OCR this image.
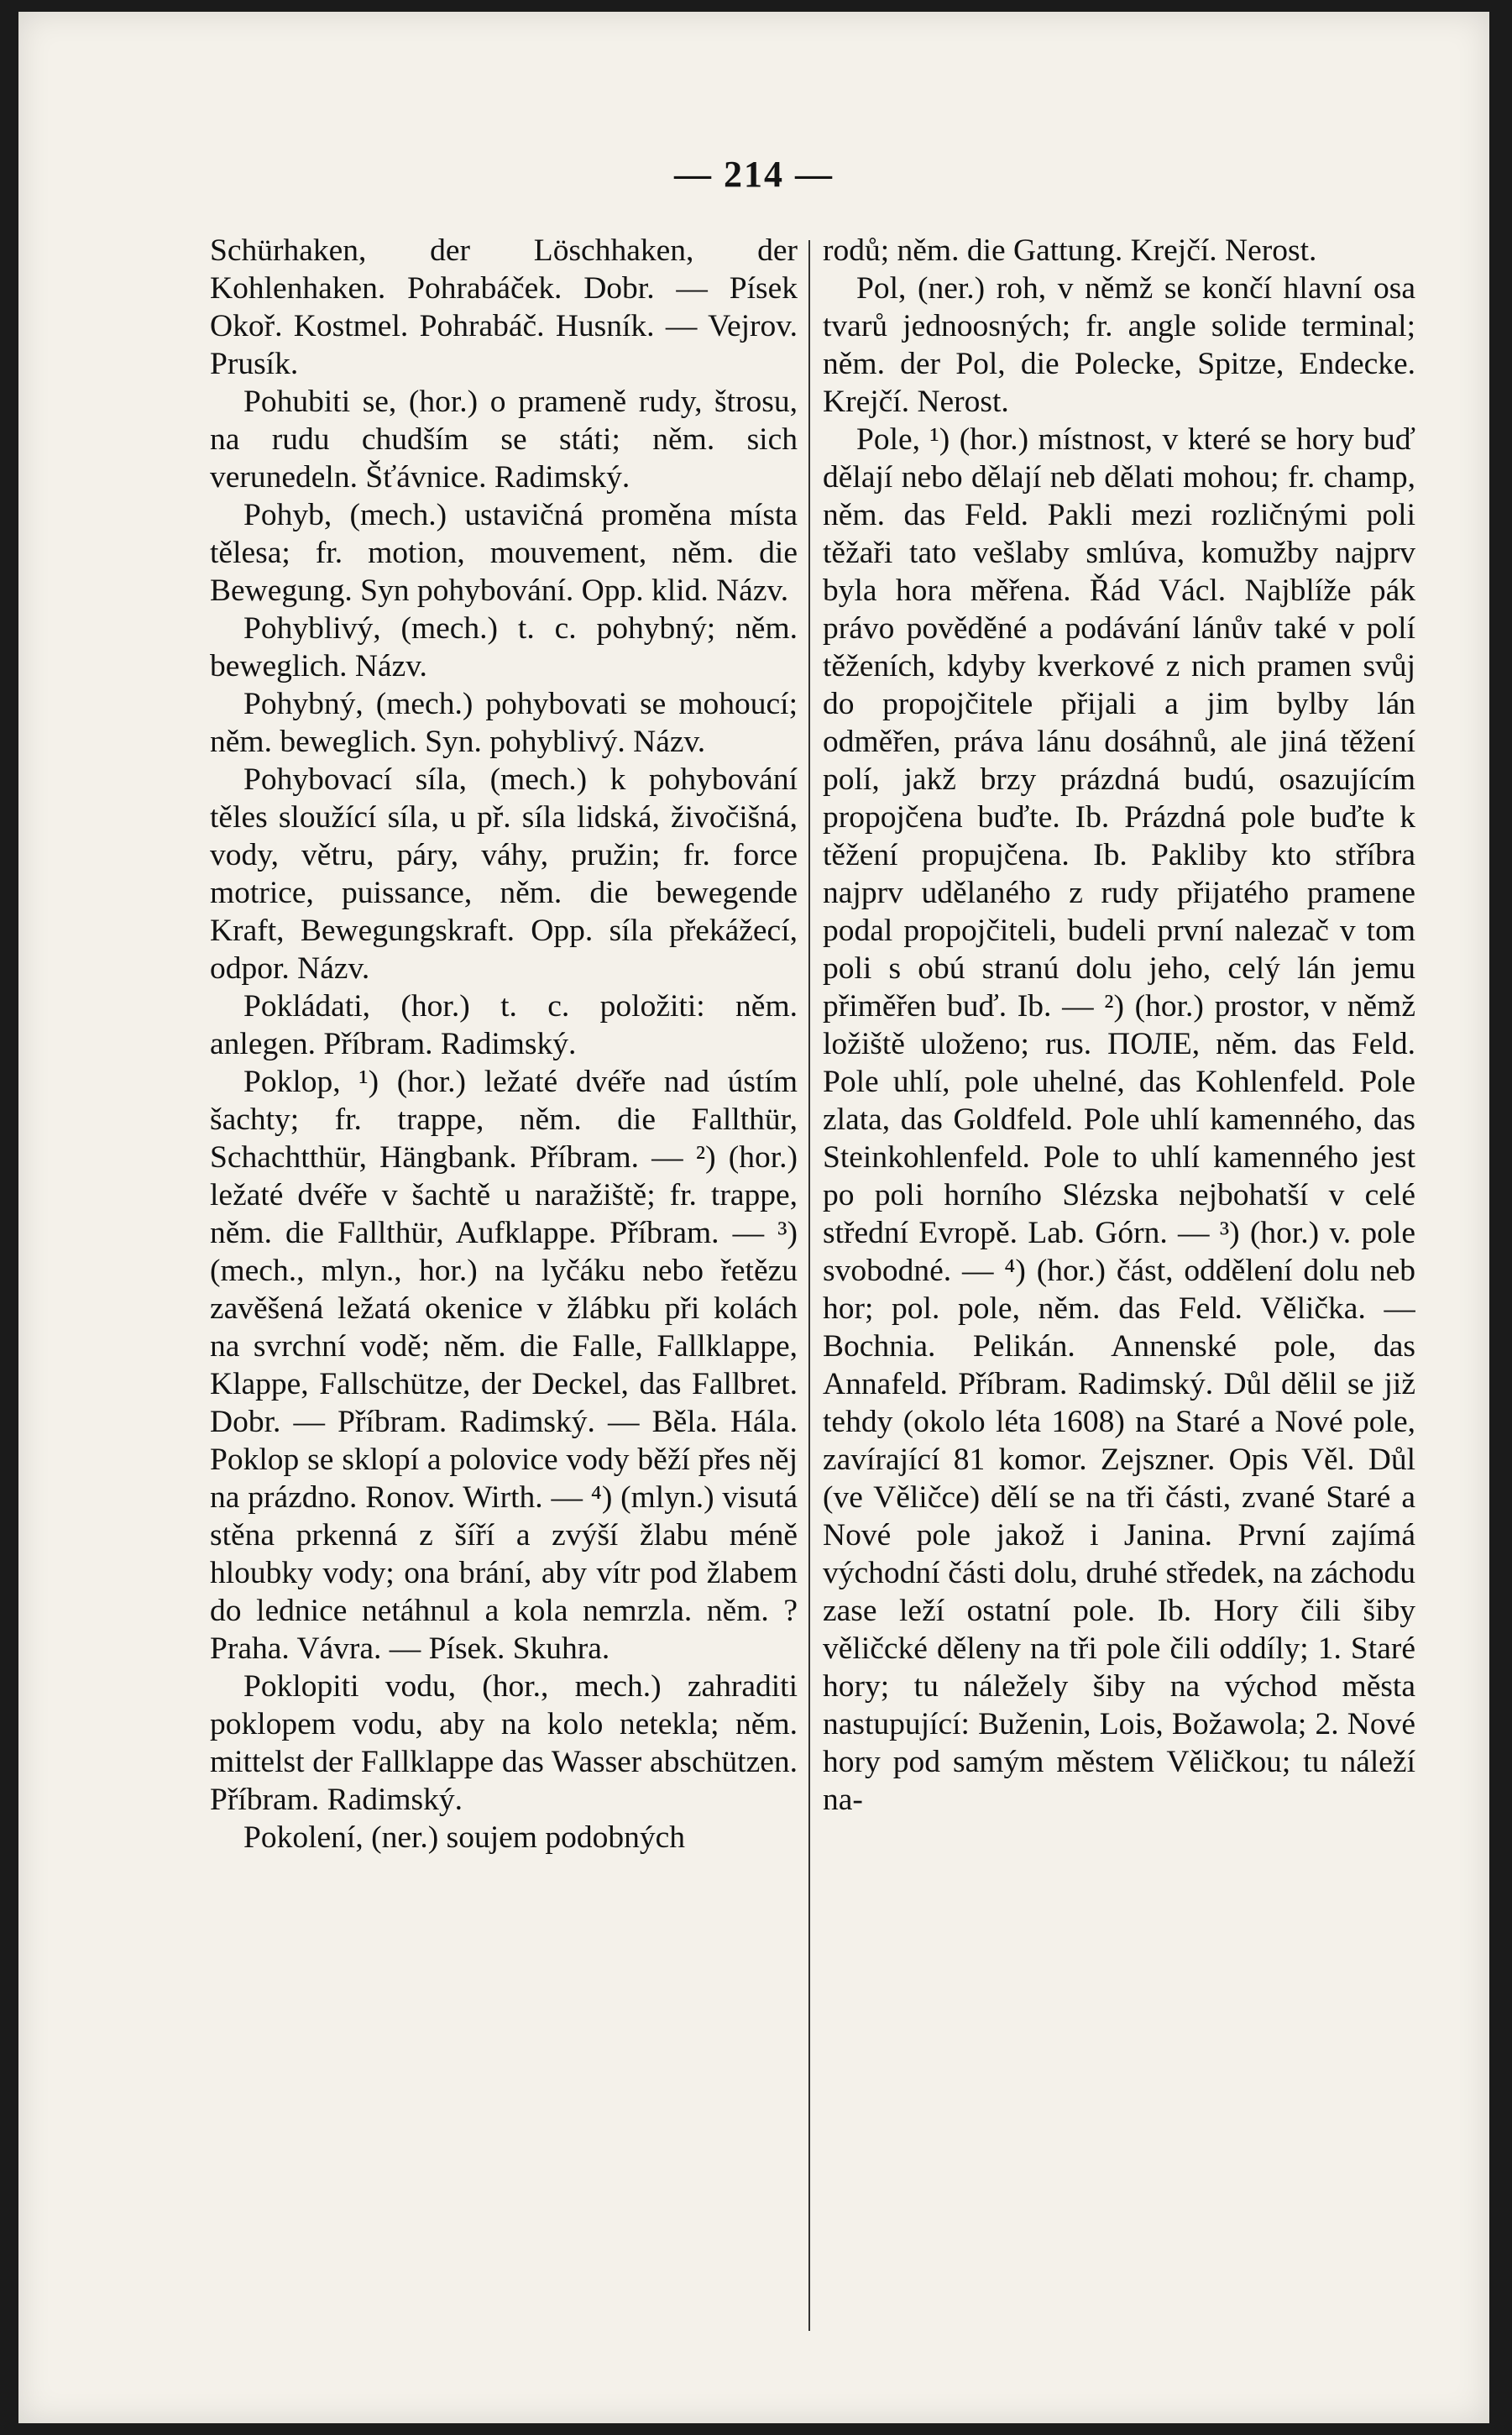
— 214 —

Schürhaken, der Löschhaken, der Kohlenhaken. Pohrabáček. Dobr. — Písek Okoř. Kostmel. Pohrabáč. Husník. — Vejrov. Prusík.

Pohubiti se, (hor.) o prameně rudy, štrosu, na rudu chudším se státi; něm. sich verunedeln. Šťávnice. Radimský.

Pohyb, (mech.) ustavičná proměna místa tělesa; fr. motion, mouvement, něm. die Bewegung. Syn pohybování. Opp. klid. Názv.

Pohyblivý, (mech.) t. c. pohybný; něm. beweglich. Názv.

Pohybný, (mech.) pohybovati se mohoucí; něm. beweglich. Syn. pohyblivý. Názv.

Pohybovací síla, (mech.) k pohybování těles sloužící síla, u př. síla lidská, živočišná, vody, větru, páry, váhy, pružin; fr. force motrice, puissance, něm. die bewegende Kraft, Bewegungskraft. Opp. síla překážecí, odpor. Názv.

Pokládati, (hor.) t. c. položiti: něm. anlegen. Příbram. Radimský.

Poklop, ¹) (hor.) ležaté dvéře nad ústím šachty; fr. trappe, něm. die Fallthür, Schachtthür, Hängbank. Příbram. — ²) (hor.) ležaté dvéře v šachtě u naražiště; fr. trappe, něm. die Fallthür, Aufklappe. Příbram. — ³) (mech., mlyn., hor.) na lyčáku nebo řetězu zavěšená ležatá okenice v žlábku při kolách na svrchní vodě; něm. die Falle, Fallklappe, Klappe, Fallschütze, der Deckel, das Fallbret. Dobr. — Příbram. Radimský. — Běla. Hála. Poklop se sklopí a polovice vody běží přes něj na prázdno. Ronov. Wirth. — ⁴) (mlyn.) visutá stěna prkenná z šíří a zvýší žlabu méně hloubky vody; ona brání, aby vítr pod žlabem do lednice netáhnul a kola nemrzla. něm. ? Praha. Vávra. — Písek. Skuhra.

Poklopiti vodu, (hor., mech.) zahraditi poklopem vodu, aby na kolo netekla; něm. mittelst der Fallklappe das Wasser abschützen. Příbram. Radimský.

Pokolení, (ner.) soujem podobných

rodů; něm. die Gattung. Krejčí. Nerost.

Pol, (ner.) roh, v němž se končí hlavní osa tvarů jednoosných; fr. angle solide terminal; něm. der Pol, die Polecke, Spitze, Endecke. Krejčí. Nerost.

Pole, ¹) (hor.) místnost, v které se hory buď dělají nebo dělají neb dělati mohou; fr. champ, něm. das Feld. Pakli mezi rozličnými poli těžaři tato vešlaby smlúva, komužby najprv byla hora měřena. Řád Václ. Najblíže pák právo pověděné a podávání lánův také v polí těženích, kdyby kverkové z nich pramen svůj do propojčitele přijali a jim bylby lán odměřen, práva lánu dosáhnů, ale jiná těžení polí, jakž brzy prázdná budú, osazujícím propojčena buďte. Ib. Prázdná pole buďte k těžení propujčena. Ib. Pakliby kto stříbra najprv udělaného z rudy přijatého pramene podal propojčiteli, budeli první nalezač v tom poli s obú stranú dolu jeho, celý lán jemu přiměřen buď. Ib. — ²) (hor.) prostor, v němž ložiště uloženo; rus. ПОЛЕ, něm. das Feld. Pole uhlí, pole uhelné, das Kohlenfeld. Pole zlata, das Goldfeld. Pole uhlí kamenného, das Steinkohlenfeld. Pole to uhlí kamenného jest po poli horního Slézska nejbohatší v celé střední Evropě. Lab. Górn. — ³) (hor.) v. pole svobodné. — ⁴) (hor.) část, oddělení dolu neb hor; pol. pole, něm. das Feld. Vělička. — Bochnia. Pelikán. Annenské pole, das Annafeld. Příbram. Radimský. Důl dělil se již tehdy (okolo léta 1608) na Staré a Nové pole, zavírající 81 komor. Zejszner. Opis Věl. Důl (ve Věličce) dělí se na tři části, zvané Staré a Nové pole jakož i Janina. První zajímá východní části dolu, druhé středek, na záchodu zase leží ostatní pole. Ib. Hory čili šiby věličcké děleny na tři pole čili oddíly; 1. Staré hory; tu náležely šiby na východ města nastupující: Buženin, Lois, Božawola; 2. Nové hory pod samým městem Věličkou; tu náleží na-
